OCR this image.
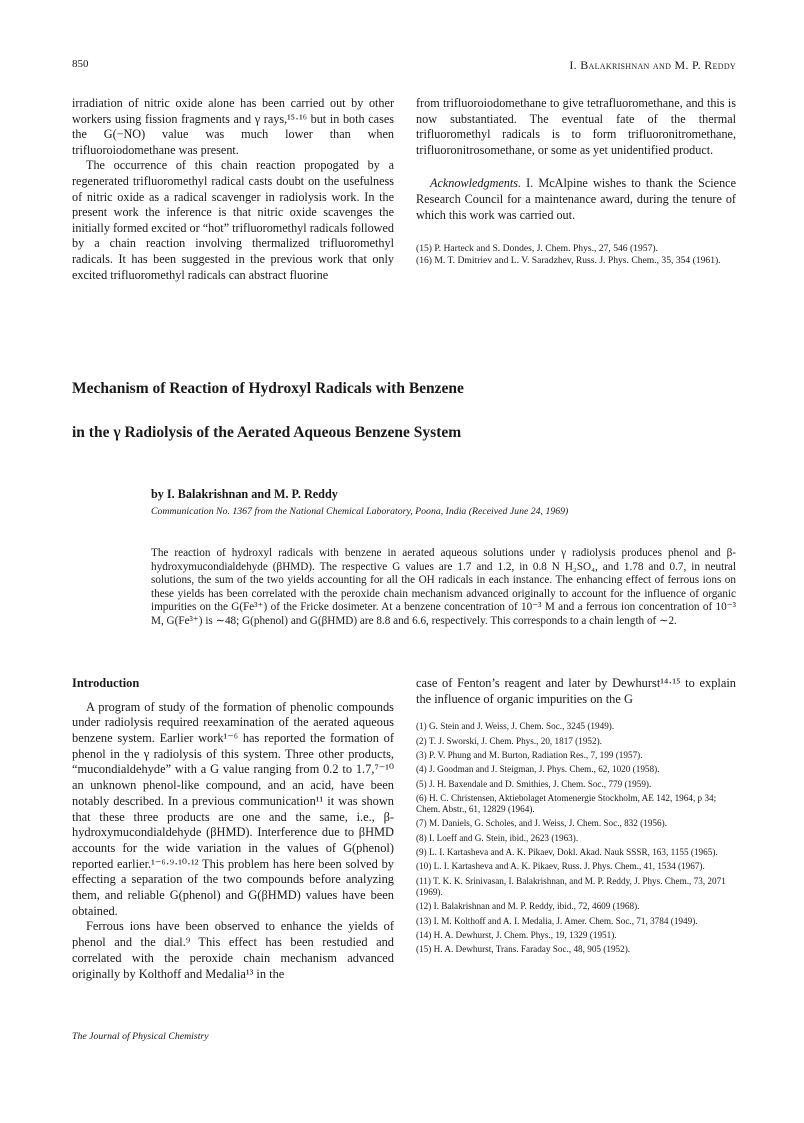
850	I. Balakrishnan and M. P. Reddy

irradiation of nitric oxide alone has been carried out by other workers using fission fragments and γ rays,¹⁵·¹⁶ but in both cases the G(−NO) value was much lower than when trifluoroiodomethane was present.

The occurrence of this chain reaction propogated by a regenerated trifluoromethyl radical casts doubt on the usefulness of nitric oxide as a radical scavenger in radiolysis work. In the present work the inference is that nitric oxide scavenges the initially formed excited or “hot” trifluoromethyl radicals followed by a chain reaction involving thermalized trifluoromethyl radicals. It has been suggested in the previous work that only excited trifluoromethyl radicals can abstract fluorine

from trifluoroiodomethane to give tetrafluoromethane, and this is now substantiated. The eventual fate of the thermal trifluoromethyl radicals is to form trifluoronitromethane, trifluoronitrosomethane, or some as yet unidentified product.

Acknowledgments. I. McAlpine wishes to thank the Science Research Council for a maintenance award, during the tenure of which this work was carried out.

(15) P. Harteck and S. Dondes, J. Chem. Phys., 27, 546 (1957).

(16) M. T. Dmitriev and L. V. Saradzhev, Russ. J. Phys. Chem., 35, 354 (1961).

Mechanism of Reaction of Hydroxyl Radicals with Benzene
in the γ Radiolysis of the Aerated Aqueous Benzene System
by I. Balakrishnan and M. P. Reddy
Communication No. 1367 from the National Chemical Laboratory, Poona, India (Received June 24, 1969)
The reaction of hydroxyl radicals with benzene in aerated aqueous solutions under γ radiolysis produces phenol and β-hydroxymucondialdehyde (βHMD). The respective G values are 1.7 and 1.2, in 0.8 N H₂SO₄, and 1.78 and 0.7, in neutral solutions, the sum of the two yields accounting for all the OH radicals in each instance. The enhancing effect of ferrous ions on these yields has been correlated with the peroxide chain mechanism advanced originally to account for the influence of organic impurities on the G(Fe³⁺) of the Fricke dosimeter. At a benzene concentration of 10⁻³ M and a ferrous ion concentration of 10⁻³ M, G(Fe³⁺) is ∼48; G(phenol) and G(βHMD) are 8.8 and 6.6, respectively. This corresponds to a chain length of ∼2.

Introduction

A program of study of the formation of phenolic compounds under radiolysis required reexamination of the aerated aqueous benzene system. Earlier work¹⁻⁶ has reported the formation of phenol in the γ radiolysis of this system. Three other products, “mucondialdehyde” with a G value ranging from 0.2 to 1.7,⁷⁻¹⁰ an unknown phenol-like compound, and an acid, have been notably described. In a previous communication¹¹ it was shown that these three products are one and the same, i.e., β-hydroxymucondialdehyde (βHMD). Interference due to βHMD accounts for the wide variation in the values of G(phenol) reported earlier.¹⁻⁶·⁹·¹⁰·¹² This problem has here been solved by effecting a separation of the two compounds before analyzing them, and reliable G(phenol) and G(βHMD) values have been obtained.

Ferrous ions have been observed to enhance the yields of phenol and the dial.⁹ This effect has been restudied and correlated with the peroxide chain mechanism advanced originally by Kolthoff and Medalia¹³ in the

case of Fenton’s reagent and later by Dewhurst¹⁴·¹⁵ to explain the influence of organic impurities on the G

(1) G. Stein and J. Weiss, J. Chem. Soc., 3245 (1949).

(2) T. J. Sworski, J. Chem. Phys., 20, 1817 (1952).

(3) P. V. Phung and M. Burton, Radiation Res., 7, 199 (1957).

(4) J. Goodman and J. Steigman, J. Phys. Chem., 62, 1020 (1958).

(5) J. H. Baxendale and D. Smithies, J. Chem. Soc., 779 (1959).

(6) H. C. Christensen, Aktiebolaget Atomenergie Stockholm, AE 142, 1964, p 34; Chem. Abstr., 61, 12829 (1964).

(7) M. Daniels, G. Scholes, and J. Weiss, J. Chem. Soc., 832 (1956).

(8) I. Loeff and G. Stein, ibid., 2623 (1963).

(9) L. I. Kartasheva and A. K. Pikaev, Dokl. Akad. Nauk SSSR, 163, 1155 (1965).

(10) L. I. Kartasheva and A. K. Pikaev, Russ. J. Phys. Chem., 41, 1534 (1967).

(11) T. K. K. Srinivasan, I. Balakrishnan, and M. P. Reddy, J. Phys. Chem., 73, 2071 (1969).

(12) I. Balakrishnan and M. P. Reddy, ibid., 72, 4609 (1968).

(13) I. M. Kolthoff and A. I. Medalia, J. Amer. Chem. Soc., 71, 3784 (1949).

(14) H. A. Dewhurst, J. Chem. Phys., 19, 1329 (1951).

(15) H. A. Dewhurst, Trans. Faraday Soc., 48, 905 (1952).

The Journal of Physical Chemistry
